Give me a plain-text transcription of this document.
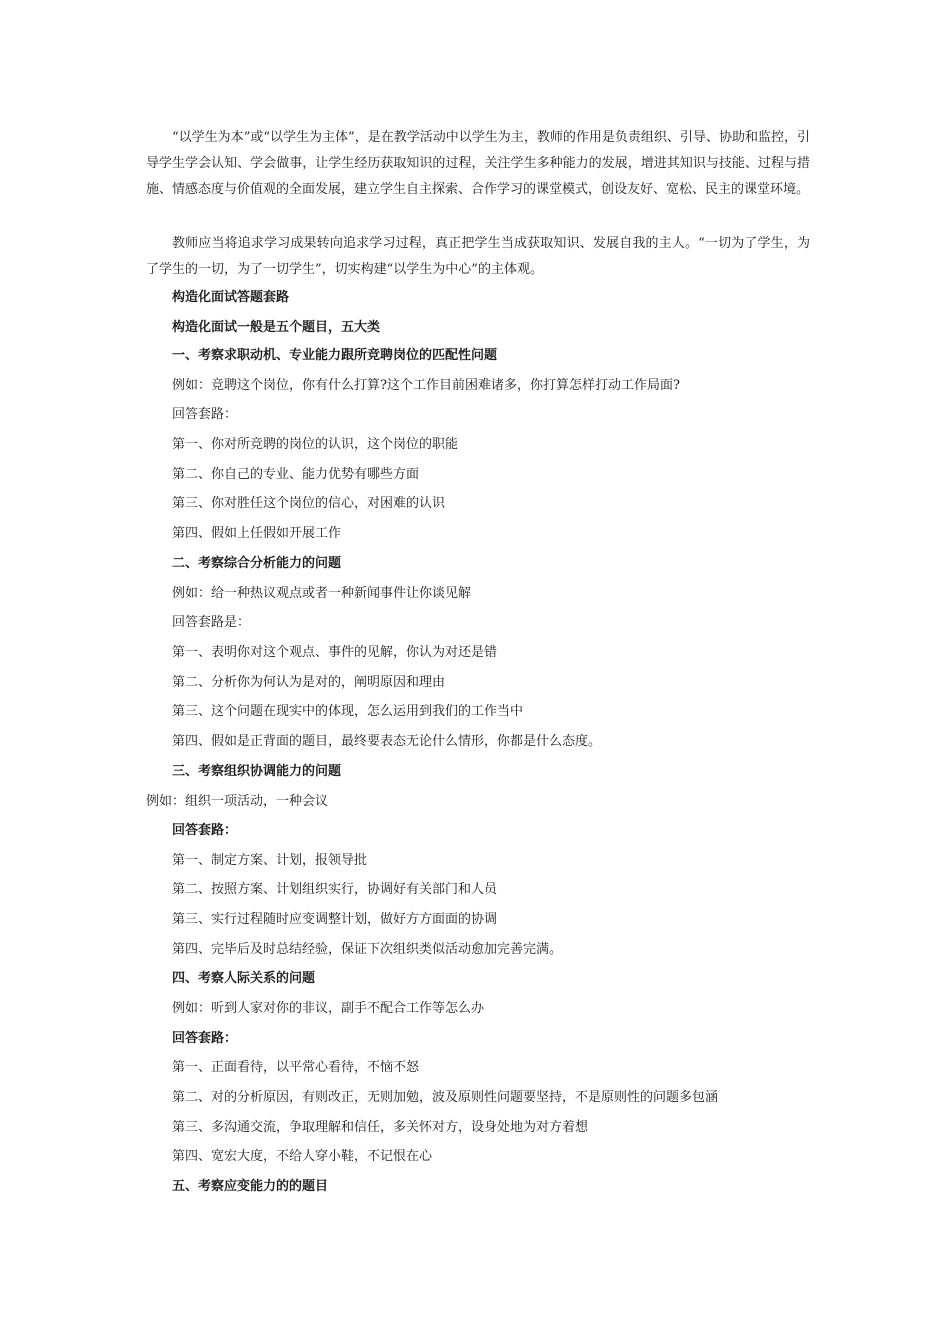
“以学生为本”或“以学生为主体”，是在教学活动中以学生为主，教师的作用是负责组织、引导、协助和监控，引导学生学会认知、学会做事，让学生经历获取知识的过程，关注学生多种能力的发展，增进其知识与技能、过程与措施、情感态度与价值观的全面发展，建立学生自主探索、合作学习的课堂模式，创设友好、宽松、民主的课堂环境。

教师应当将追求学习成果转向追求学习过程，真正把学生当成获取知识、发展自我的主人。“一切为了学生，为了学生的一切，为了一切学生”，切实构建“以学生为中心”的主体观。

构造化面试答题套路

构造化面试一般是五个题目，五大类

一、考察求职动机、专业能力跟所竞聘岗位的匹配性问题

例如：竞聘这个岗位，你有什么打算?这个工作目前困难诸多，你打算怎样打动工作局面?

回答套路：

第一、你对所竞聘的岗位的认识，这个岗位的职能

第二、你自己的专业、能力优势有哪些方面

第三、你对胜任这个岗位的信心，对困难的认识

第四、假如上任假如开展工作

二、考察综合分析能力的问题

例如：给一种热议观点或者一种新闻事件让你谈见解

回答套路是：

第一、表明你对这个观点、事件的见解，你认为对还是错

第二、分析你为何认为是对的，阐明原因和理由

第三、这个问题在现实中的体现，怎么运用到我们的工作当中

第四、假如是正背面的题目，最终要表态无论什么情形，你都是什么态度。

三、考察组织协调能力的问题

例如：组织一项活动，一种会议

回答套路：

第一、制定方案、计划，报领导批

第二、按照方案、计划组织实行，协调好有关部门和人员

第三、实行过程随时应变调整计划，做好方方面面的协调

第四、完毕后及时总结经验，保证下次组织类似活动愈加完善完满。

四、考察人际关系的问题

例如：听到人家对你的非议，副手不配合工作等怎么办

回答套路：

第一、正面看待，以平常心看待，不恼不怒

第二、对的分析原因，有则改正，无则加勉，波及原则性问题要坚持，不是原则性的问题多包涵

第三、多沟通交流，争取理解和信任，多关怀对方，设身处地为对方着想

第四、宽宏大度，不给人穿小鞋，不记恨在心

五、考察应变能力的的题目
